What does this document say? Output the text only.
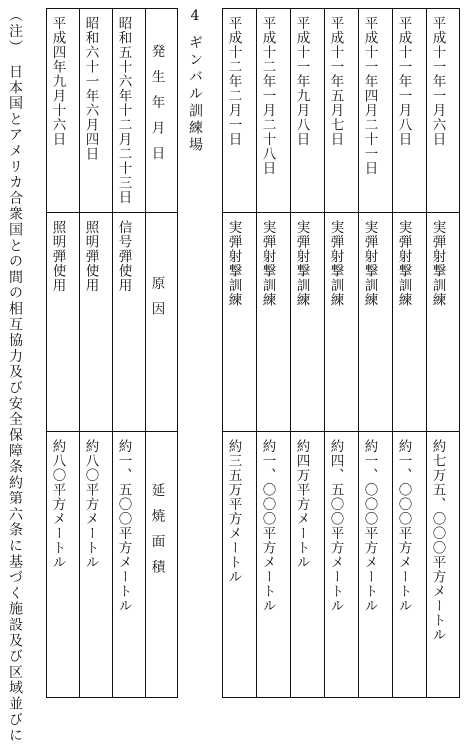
平成十一年一月六日
実弾射撃訓練
約七万五、〇〇〇平方メートル
平成十一年一月八日
実弾射撃訓練
約一、〇〇〇平方メートル
平成十一年四月二十一日
実弾射撃訓練
約一、〇〇〇平方メートル
平成十一年五月七日
実弾射撃訓練
約四、五〇〇平方メートル
平成十一年九月八日
実弾射撃訓練
約四万平方メートル
平成十二年一月二十八日
実弾射撃訓練
約一、〇〇〇平方メートル
平成十二年二月一日
実弾射撃訓練
約三五万平方メートル
4ギンバル訓練場
発生年月日
原因
延焼面積
昭和五十六年十二月二十三日
信号弾使用
約一、五〇〇平方メートル
昭和六十一年六月四日
照明弾使用
約八〇平方メートル
平成四年九月十六日
照明弾使用
約八〇平方メートル
（注）　日本国とアメリカ合衆国との間の相互協力及び安全保障条約第六条に基づく施設及び区域並びに
